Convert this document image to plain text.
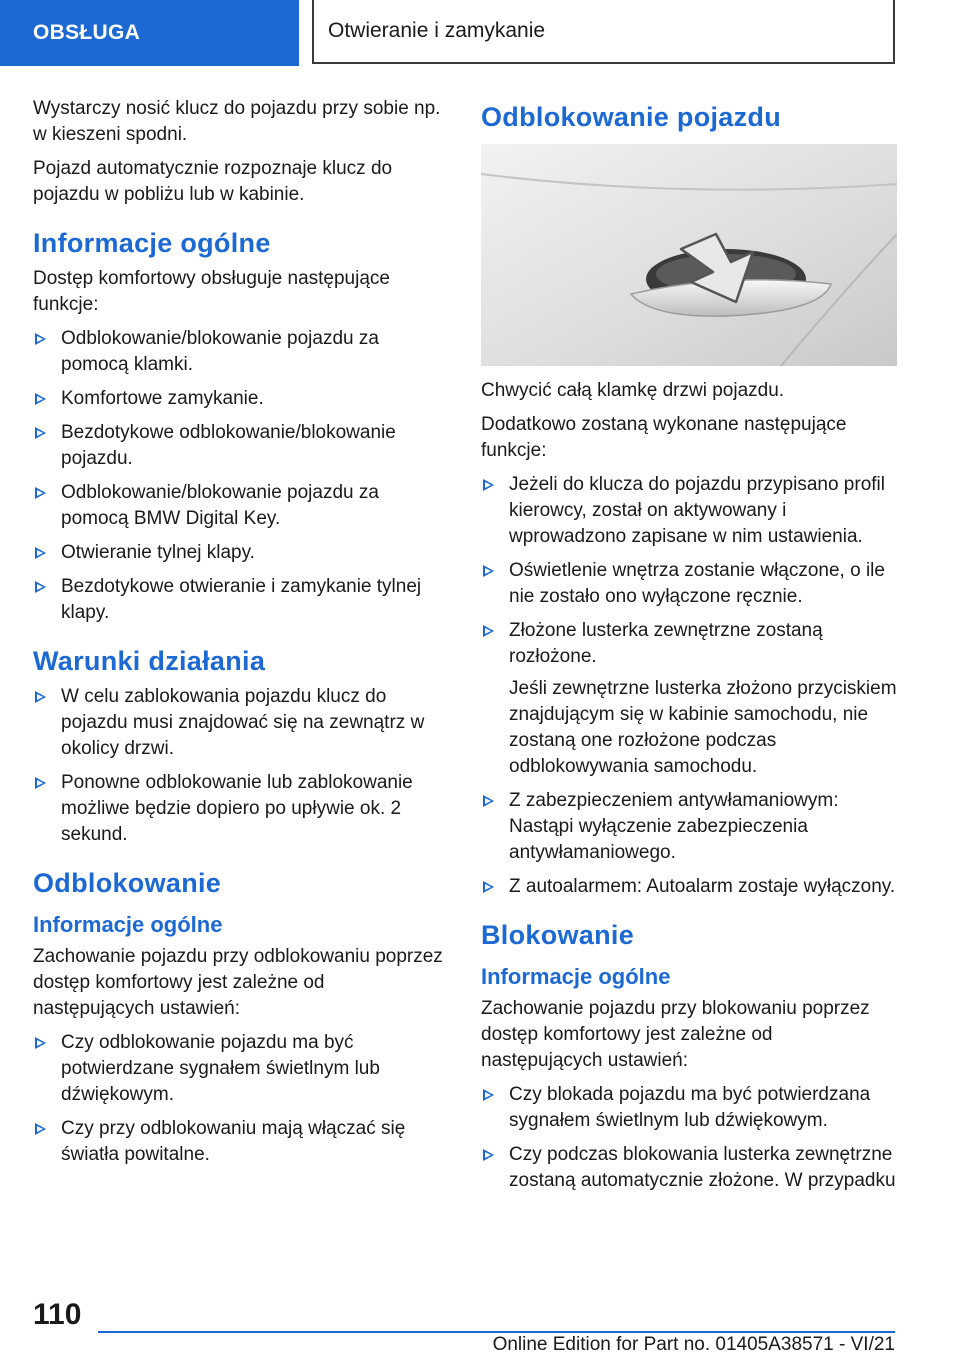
OBSŁUGA	Otwieranie i zamykanie

Wystarczy nosić klucz do pojazdu przy sobie np. w kieszeni spodni.

Pojazd automatycznie rozpoznaje klucz do pojazdu w pobliżu lub w kabinie.

Informacje ogólne

Dostęp komfortowy obsługuje następujące funkcje:

Odblokowanie/blokowanie pojazdu za pomocą klamki.
Komfortowe zamykanie.
Bezdotykowe odblokowanie/blokowanie pojazdu.
Odblokowanie/blokowanie pojazdu za pomocą BMW Digital Key.
Otwieranie tylnej klapy.
Bezdotykowe otwieranie i zamykanie tylnej klapy.
Warunki działania
W celu zablokowania pojazdu klucz do pojazdu musi znajdować się na zewnątrz w okolicy drzwi.
Ponowne odblokowanie lub zablokowanie możliwe będzie dopiero po upływie ok. 2 sekund.
Odblokowanie
Informacje ogólne

Zachowanie pojazdu przy odblokowaniu poprzez dostęp komfortowy jest zależne od następujących ustawień:

Czy odblokowanie pojazdu ma być potwierdzane sygnałem świetlnym lub dźwiękowym.
Czy przy odblokowaniu mają włączać się światła powitalne.
Odblokowanie pojazdu

Chwycić całą klamkę drzwi pojazdu.

Dodatkowo zostaną wykonane następujące funkcje:

Jeżeli do klucza do pojazdu przypisano profil kierowcy, został on aktywowany i wprowadzono zapisane w nim ustawienia.
Oświetlenie wnętrza zostanie włączone, o ile nie zostało ono wyłączone ręcznie.
Złożone lusterka zewnętrzne zostaną rozłożone.
Jeśli zewnętrzne lusterka złożono przyciskiem znajdującym się w kabinie samochodu, nie zostaną one rozłożone podczas odblokowywania samochodu.
Z zabezpieczeniem antywłamaniowym: Nastąpi wyłączenie zabezpieczenia antywłamaniowego.
Z autoalarmem: Autoalarm zostaje wyłączony.
Blokowanie
Informacje ogólne

Zachowanie pojazdu przy blokowaniu poprzez dostęp komfortowy jest zależne od następujących ustawień:

Czy blokada pojazdu ma być potwierdzana sygnałem świetlnym lub dźwiękowym.
Czy podczas blokowania lusterka zewnętrzne zostaną automatycznie złożone. W przypadku
110
Online Edition for Part no. 01405A38571 - VI/21
